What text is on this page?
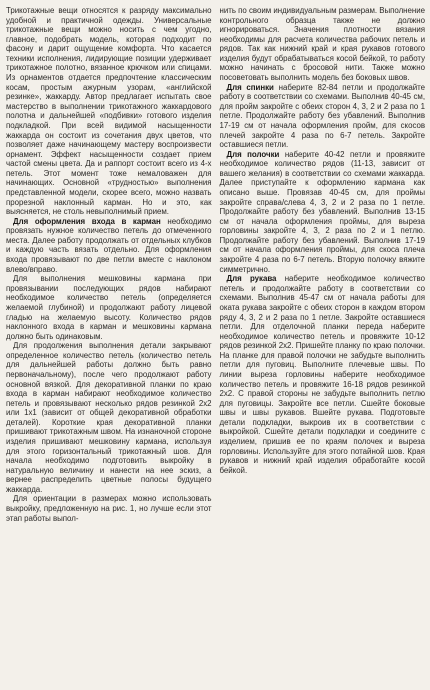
Трикотажные вещи относятся к разряду максимально удобной и практичной одежды. Универсальные трикотажные вещи можно носить с чем угодно, главное, подобрать модель, которая подходит по фасону и дарит ощущение комфорта. Что касается техники исполнения, лидирующие позиции удерживает трикотажное полотно, вязанное крючком или спицами. Из орнаментов отдается предпочтение классическим косам, простым ажурным узорам, «английской резинке», жаккарду. Автор предлагает испытать свое мастерство в выполнении трикотажного жаккардового полотна и дальнейшей «подбивки» готового изделия подкладкой. При всей видимой насыщенности жаккарда он состоит из сочетания двух цветов, что позволяет даже начинающему мастеру воспроизвести орнамент. Эффект насыщенности создает прием частой смены цвета. Да и раппорт состоит всего из 4-х петель. Этот момент тоже немаловажен для начинающих. Основной «трудностью» выполнения представленной модели, скорее всего, можно назвать прорезной наклонный карман. Но и это, как выясняется, не столь невыполнимый прием.

Для оформления входа в карман необходимо провязать нужное количество петель до отмеченного места. Далее работу продолжать от отдельных клубков и каждую часть вязать отдельно. Для оформления входа провязывают по две петли вместе с наклоном влево/вправо.

Для выполнения мешковины кармана при провязывании последующих рядов набирают необходимое количество петель (определяется желаемой глубиной) и продолжают работу лицевой гладью на желаемую высоту. Количество рядов наклонного входа в карман и мешковины кармана должно быть одинаковым.

Для продолжения выполнения детали закрывают определенное количество петель (количество петель для дальнейшей работы должно быть равно первоначальному), после чего продолжают работу основной вязкой. Для декоративной планки по краю входа в карман набирают необходимое количество петель и провязывают несколько рядов резинкой 2х2 или 1х1 (зависит от общей декоративной обработки деталей). Короткие края декоративной планки пришивают трикотажным швом. На изнаночной стороне изделия пришивают мешковину кармана, используя для этого горизонтальный трикотажный шов. Для начала необходимо подготовить выкройку в натуральную величину и нанести на нее эскиз, а вернее распределить цветные полосы будущего жаккарда.

Для ориентации в размерах можно использовать выкройку, предложенную на рис. 1, но лучше если этот этап работы выпол-

нить по своим индивидуальным размерам. Выполнение контрольного образца также не должно игнорироваться. Значения плотности вязания необходимы для расчета количества рабочих петель и рядов. Так как нижний край и края рукавов готового изделия будут обрабатываться косой бейкой, то работу можно начинать с бросовой нити. Также можно посоветовать выполнить модель без боковых швов.

Для спинки наберите 82-84 петли и продолжайте работу в соответствии со схемами. Выполнив 40-45 см, для пройм закройте с обеих сторон 4, 3, 2 и 2 раза по 1 петле. Продолжайте работу без убавлений. Выполнив 17-19 см от начала оформления пройм, для скосов плечей закройте 4 раза по 6-7 петель. Закройте оставшиеся петли.

Для полочки наберите 40-42 петли и провяжите необходимое количество рядов (11-13, зависит от вашего желания) в соответствии со схемами жаккарда. Далее приступайте к оформлению кармана как описано выше. Провязав 40-45 см, для проймы закройте справа/слева 4, 3, 2 и 2 раза по 1 петле. Продолжайте работу без убавлений. Выполнив 13-15 см от начала оформления проймы, для выреза горловины закройте 4, 3, 2 раза по 2 и 1 петлю. Продолжайте работу без убавлений. Выполнив 17-19 см от начала оформления проймы, для скоса плеча закройте 4 раза по 6-7 петель. Вторую полочку вяжите симметрично.

Для рукава наберите необходимое количество петель и продолжайте работу в соответствии со схемами. Выполнив 45-47 см от начала работы для оката рукава закройте с обеих сторон в каждом втором ряду 4, 3, 2 и 2 раза по 1 петле. Закройте оставшиеся петли. Для отделочной планки переда наберите необходимое количество петель и провяжите 10-12 рядов резинкой 2х2. Пришейте планку по краю полочки. На планке для правой полочки не забудьте выполнить петли для пуговиц. Выполните плечевые швы. По линии выреза горловины наберите необходимое количество петель и провяжите 16-18 рядов резинкой 2х2. С правой стороны не забудьте выполнить петлю для пуговицы. Закройте все петли. Сшейте боковые швы и швы рукавов. Вшейте рукава. Подготовьте детали подкладки, выкроив их в соответствии с выкройкой. Сшейте детали подкладки и соедините с изделием, пришив ее по краям полочек и выреза горловины. Используйте для этого потайной шов. Края рукавов и нижний край изделия обработайте косой бейкой.
